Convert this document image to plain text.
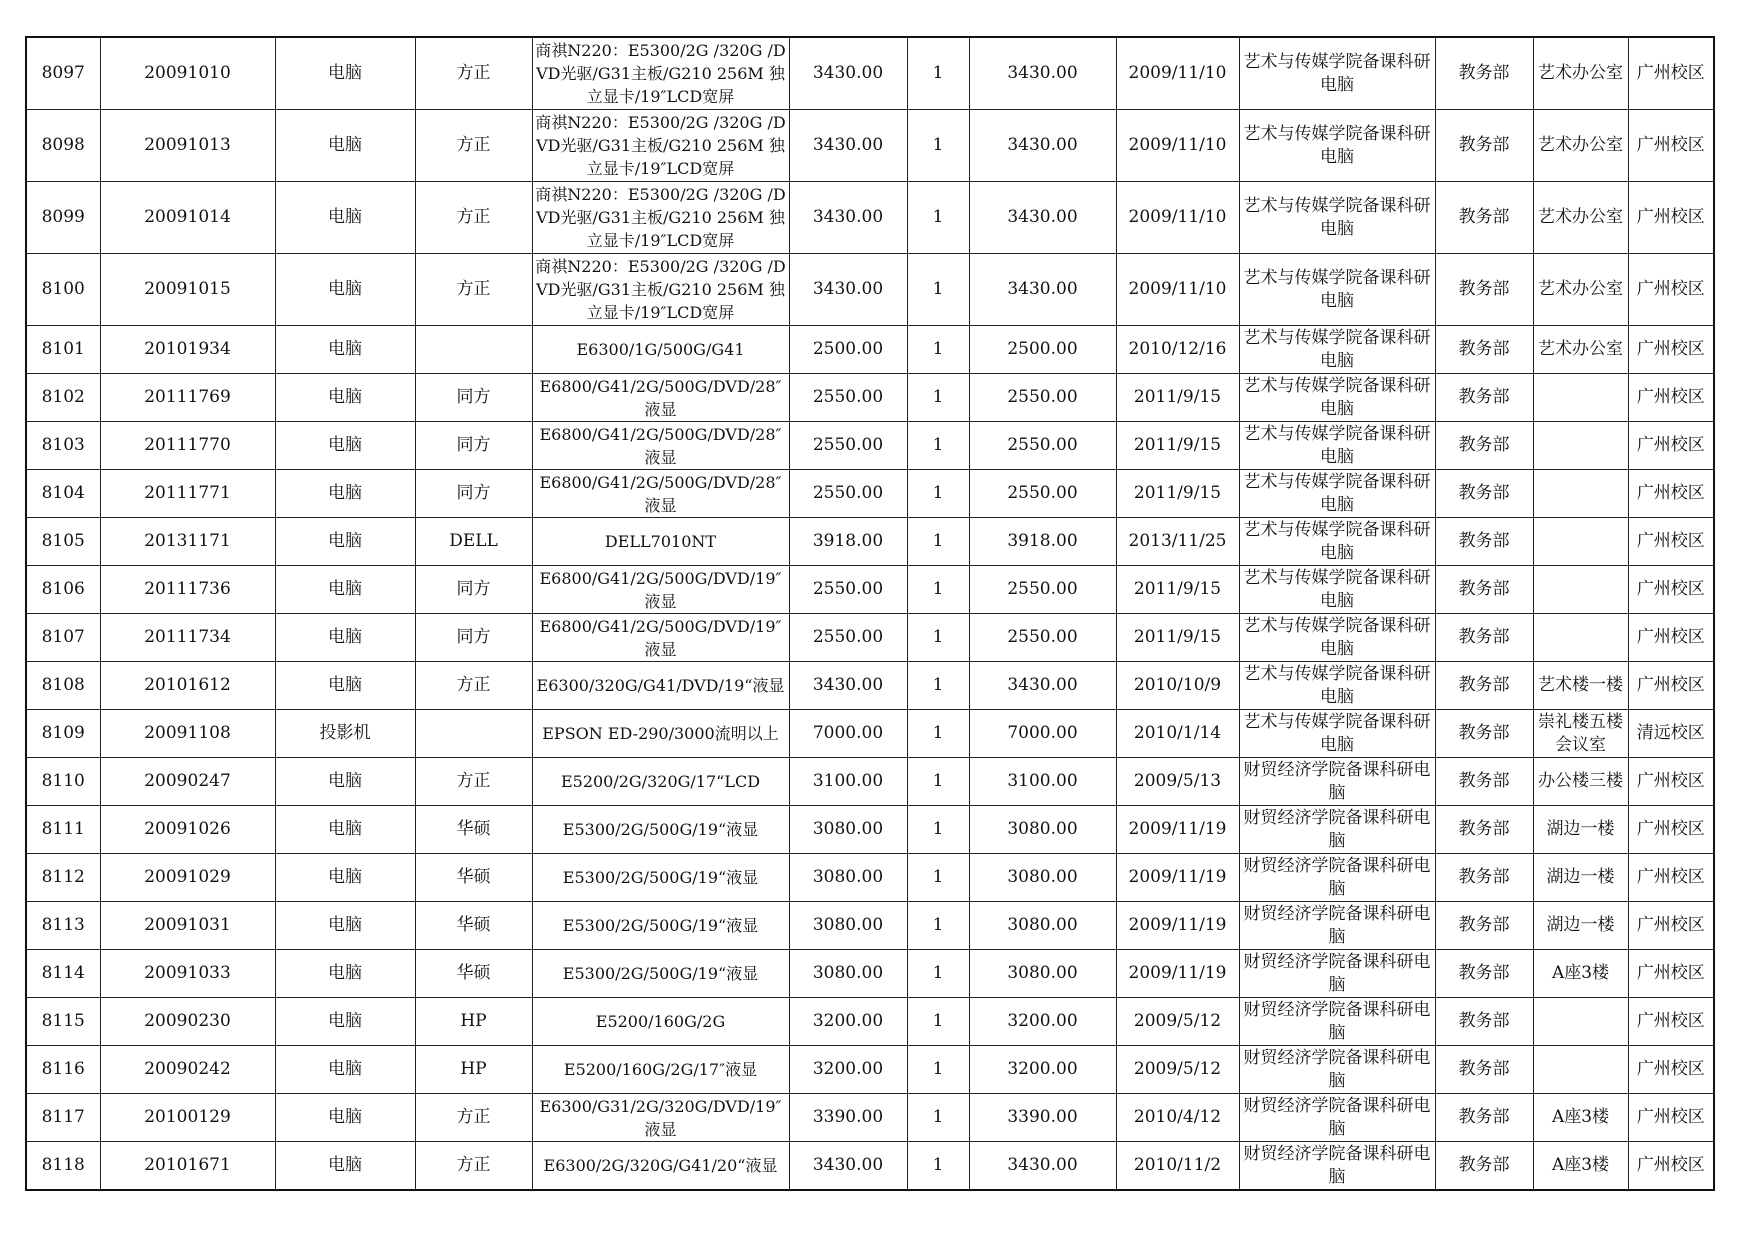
8097	20091010	电脑	方正	商祺N220：E5300/2G /320G /DVD光驱/G31主板/G210 256M 独立显卡/19″LCD宽屏	3430.00	1	3430.00	2009/11/10	艺术与传媒学院备课科研电脑	教务部	艺术办公室	广州校区
8098	20091013	电脑	方正	商祺N220：E5300/2G /320G /DVD光驱/G31主板/G210 256M 独立显卡/19″LCD宽屏	3430.00	1	3430.00	2009/11/10	艺术与传媒学院备课科研电脑	教务部	艺术办公室	广州校区
8099	20091014	电脑	方正	商祺N220：E5300/2G /320G /DVD光驱/G31主板/G210 256M 独立显卡/19″LCD宽屏	3430.00	1	3430.00	2009/11/10	艺术与传媒学院备课科研电脑	教务部	艺术办公室	广州校区
8100	20091015	电脑	方正	商祺N220：E5300/2G /320G /DVD光驱/G31主板/G210 256M 独立显卡/19″LCD宽屏	3430.00	1	3430.00	2009/11/10	艺术与传媒学院备课科研电脑	教务部	艺术办公室	广州校区
8101	20101934	电脑		E6300/1G/500G/G41	2500.00	1	2500.00	2010/12/16	艺术与传媒学院备课科研电脑	教务部	艺术办公室	广州校区
8102	20111769	电脑	同方	E6800/G41/2G/500G/DVD/28″液显	2550.00	1	2550.00	2011/9/15	艺术与传媒学院备课科研电脑	教务部		广州校区
8103	20111770	电脑	同方	E6800/G41/2G/500G/DVD/28″液显	2550.00	1	2550.00	2011/9/15	艺术与传媒学院备课科研电脑	教务部		广州校区
8104	20111771	电脑	同方	E6800/G41/2G/500G/DVD/28″液显	2550.00	1	2550.00	2011/9/15	艺术与传媒学院备课科研电脑	教务部		广州校区
8105	20131171	电脑	DELL	DELL7010NT	3918.00	1	3918.00	2013/11/25	艺术与传媒学院备课科研电脑	教务部		广州校区
8106	20111736	电脑	同方	E6800/G41/2G/500G/DVD/19″液显	2550.00	1	2550.00	2011/9/15	艺术与传媒学院备课科研电脑	教务部		广州校区
8107	20111734	电脑	同方	E6800/G41/2G/500G/DVD/19″液显	2550.00	1	2550.00	2011/9/15	艺术与传媒学院备课科研电脑	教务部		广州校区
8108	20101612	电脑	方正	E6300/320G/G41/DVD/19“液显	3430.00	1	3430.00	2010/10/9	艺术与传媒学院备课科研电脑	教务部	艺术楼一楼	广州校区
8109	20091108	投影机		EPSON ED-290/3000流明以上	7000.00	1	7000.00	2010/1/14	艺术与传媒学院备课科研电脑	教务部	崇礼楼五楼会议室	清远校区
8110	20090247	电脑	方正	E5200/2G/320G/17“LCD	3100.00	1	3100.00	2009/5/13	财贸经济学院备课科研电脑	教务部	办公楼三楼	广州校区
8111	20091026	电脑	华硕	E5300/2G/500G/19“液显	3080.00	1	3080.00	2009/11/19	财贸经济学院备课科研电脑	教务部	湖边一楼	广州校区
8112	20091029	电脑	华硕	E5300/2G/500G/19“液显	3080.00	1	3080.00	2009/11/19	财贸经济学院备课科研电脑	教务部	湖边一楼	广州校区
8113	20091031	电脑	华硕	E5300/2G/500G/19“液显	3080.00	1	3080.00	2009/11/19	财贸经济学院备课科研电脑	教务部	湖边一楼	广州校区
8114	20091033	电脑	华硕	E5300/2G/500G/19“液显	3080.00	1	3080.00	2009/11/19	财贸经济学院备课科研电脑	教务部	A座3楼	广州校区
8115	20090230	电脑	HP	E5200/160G/2G	3200.00	1	3200.00	2009/5/12	财贸经济学院备课科研电脑	教务部		广州校区
8116	20090242	电脑	HP	E5200/160G/2G/17″液显	3200.00	1	3200.00	2009/5/12	财贸经济学院备课科研电脑	教务部		广州校区
8117	20100129	电脑	方正	E6300/G31/2G/320G/DVD/19″液显	3390.00	1	3390.00	2010/4/12	财贸经济学院备课科研电脑	教务部	A座3楼	广州校区
8118	20101671	电脑	方正	E6300/2G/320G/G41/20“液显	3430.00	1	3430.00	2010/11/2	财贸经济学院备课科研电脑	教务部	A座3楼	广州校区
